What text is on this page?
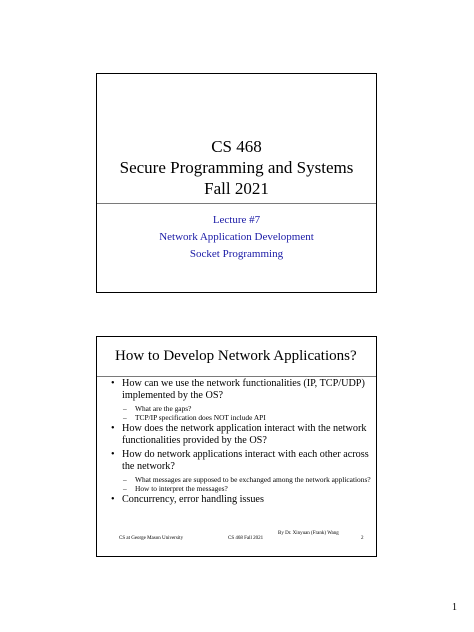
CS 468
Secure Programming and Systems
Fall 2021
Lecture #7
Network Application Development
Socket Programming
How to Develop Network Applications?
• How can we use the network functionalities (IP, TCP/UDP) implemented by the OS?
– What are the gaps?
– TCP/IP specification does NOT include API
• How does the network application interact with the network functionalities provided by the OS?
• How do network applications interact with each other across the network?
– What messages are supposed to be exchanged among the network applications?
– How to interpret the messages?
• Concurrency, error handling issues
CS at George Mason University	CS 468 Fall 2021
By Dr. Xinyuan (Frank) Wang
2
1
